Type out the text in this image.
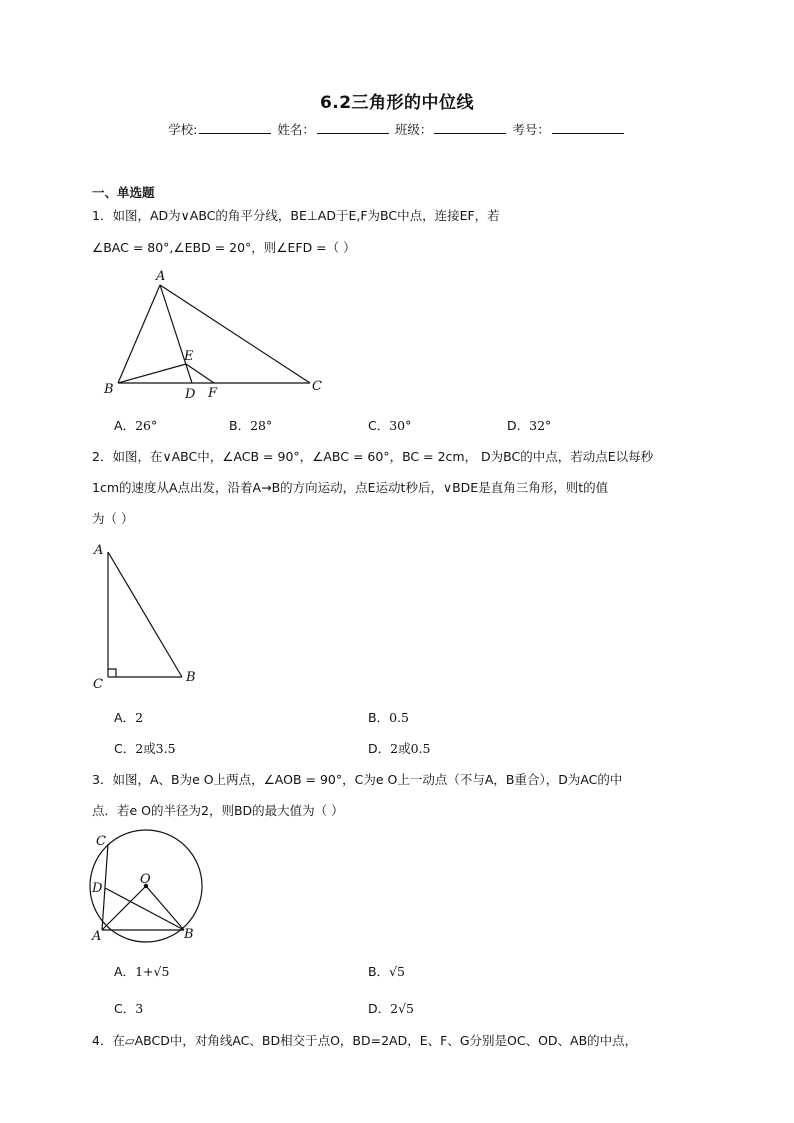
6.2三角形的中位线
学校:	姓名：	班级：	考号：
一、单选题
1．如图，AD为∨ABC的角平分线，BE⊥AD于E,F为BC中点，连接EF，若
∠BAC = 80°,∠EBD = 20°，则∠EFD =（ ）
A
B	C
D
E
F
A．26°	B．28°	C．30°	D．32°
2．如图，在∨ABC中，∠ACB = 90°，∠ABC = 60°，BC = 2cm， D为BC的中点，若动点E以每秒
1cm的速度从A点出发，沿着A→B的方向运动，点E运动t秒后，∨BDE是直角三角形，则t的值
为（ ）
A
C	B
A．2	B．0.5
C．2或3.5	D．2或0.5
3．如图，A、B为e O上两点，∠AOB = 90°，C为e O上一动点（不与A，B重合），D为AC的中
点．若e O的半径为2，则BD的最大值为（ ）
C
D
O
A	B
A．1+√5	B．√5
C．3	D．2√5
4．在▱ABCD中，对角线AC、BD相交于点O，BD=2AD，E、F、G分别是OC、OD、AB的中点，
